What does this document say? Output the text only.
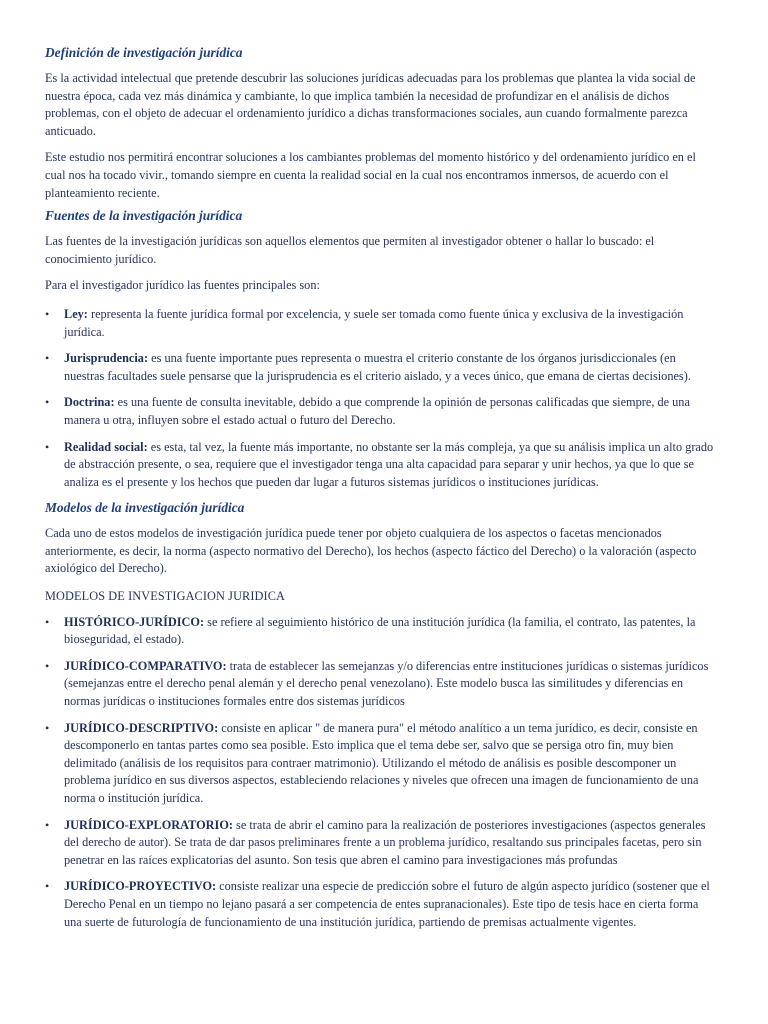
Definición de investigación jurídica

Es la actividad intelectual que pretende descubrir las soluciones jurídicas adecuadas para los problemas que plantea la vida social de nuestra época, cada vez más dinámica y cambiante, lo que implica también la necesidad de profundizar en el análisis de dichos problemas, con el objeto de adecuar el ordenamiento jurídico a dichas transformaciones sociales, aun cuando formalmente parezca anticuado.

Este estudio nos permitirá encontrar soluciones a los cambiantes problemas del momento histórico y del ordenamiento jurídico en el cual nos ha tocado vivir., tomando siempre en cuenta la realidad social en la cual nos encontramos inmersos, de acuerdo con el planteamiento reciente.

Fuentes de la investigación jurídica

Las fuentes de la investigación jurídicas son aquellos elementos que permiten al investigador obtener o hallar lo buscado: el conocimiento jurídico.

Para el investigador jurídico las fuentes principales son:

• Ley: representa la fuente jurídica formal por excelencia, y suele ser tomada como fuente única y exclusiva de la investigación jurídica.
• Jurisprudencia: es una fuente importante pues representa o muestra el criterio constante de los órganos jurisdiccionales (en nuestras facultades suele pensarse que la jurisprudencia es el criterio aislado, y a veces único, que emana de ciertas decisiones).
• Doctrina: es una fuente de consulta inevitable, debido a que comprende la opinión de personas calificadas que siempre, de una manera u otra, influyen sobre el estado actual o futuro del Derecho.
• Realidad social: es esta, tal vez, la fuente más importante, no obstante ser la más compleja, ya que su análisis implica un alto grado de abstracción presente, o sea, requiere que el investigador tenga una alta capacidad para separar y unir hechos, ya que lo que se analiza es el presente y los hechos que pueden dar lugar a futuros sistemas jurídicos o instituciones jurídicas.
Modelos de la investigación jurídica

Cada uno de estos modelos de investigación jurídica puede tener por objeto cualquiera de los aspectos o facetas mencionados anteriormente, es decir, la norma (aspecto normativo del Derecho), los hechos (aspecto fáctico del Derecho) o la valoración (aspecto axiológico del Derecho).

MODELOS DE INVESTIGACION JURIDICA

• HISTÓRICO-JURÍDICO: se refiere al seguimiento histórico de una institución jurídica (la familia, el contrato, las patentes, la bioseguridad, el estado).
• JURÍDICO-COMPARATIVO: trata de establecer las semejanzas y/o diferencias entre instituciones jurídicas o sistemas jurídicos (semejanzas entre el derecho penal alemán y el derecho penal venezolano). Este modelo busca las similitudes y diferencias en normas jurídicas o instituciones formales entre dos sistemas jurídicos
• JURÍDICO-DESCRIPTIVO: consiste en aplicar " de manera pura" el método analítico a un tema jurídico, es decir, consiste en descomponerlo en tantas partes como sea posible. Esto implica que el tema debe ser, salvo que se persiga otro fin, muy bien delimitado (análisis de los requisitos para contraer matrimonio). Utilizando el método de análisis es posible descomponer un problema jurídico en sus diversos aspectos, estableciendo relaciones y niveles que ofrecen una imagen de funcionamiento de una norma o institución jurídica.
• JURÍDICO-EXPLORATORIO: se trata de abrir el camino para la realización de posteriores investigaciones (aspectos generales del derecho de autor). Se trata de dar pasos preliminares frente a un problema jurídico, resaltando sus principales facetas, pero sin penetrar en las raíces explicatorias del asunto. Son tesis que abren el camino para investigaciones más profundas
• JURÍDICO-PROYECTIVO: consiste realizar una especie de predicción sobre el futuro de algún aspecto jurídico (sostener que el Derecho Penal en un tiempo no lejano pasará a ser competencia de entes supranacionales). Este tipo de tesis hace en cierta forma una suerte de futurología de funcionamiento de una institución jurídica, partiendo de premisas actualmente vigentes.
